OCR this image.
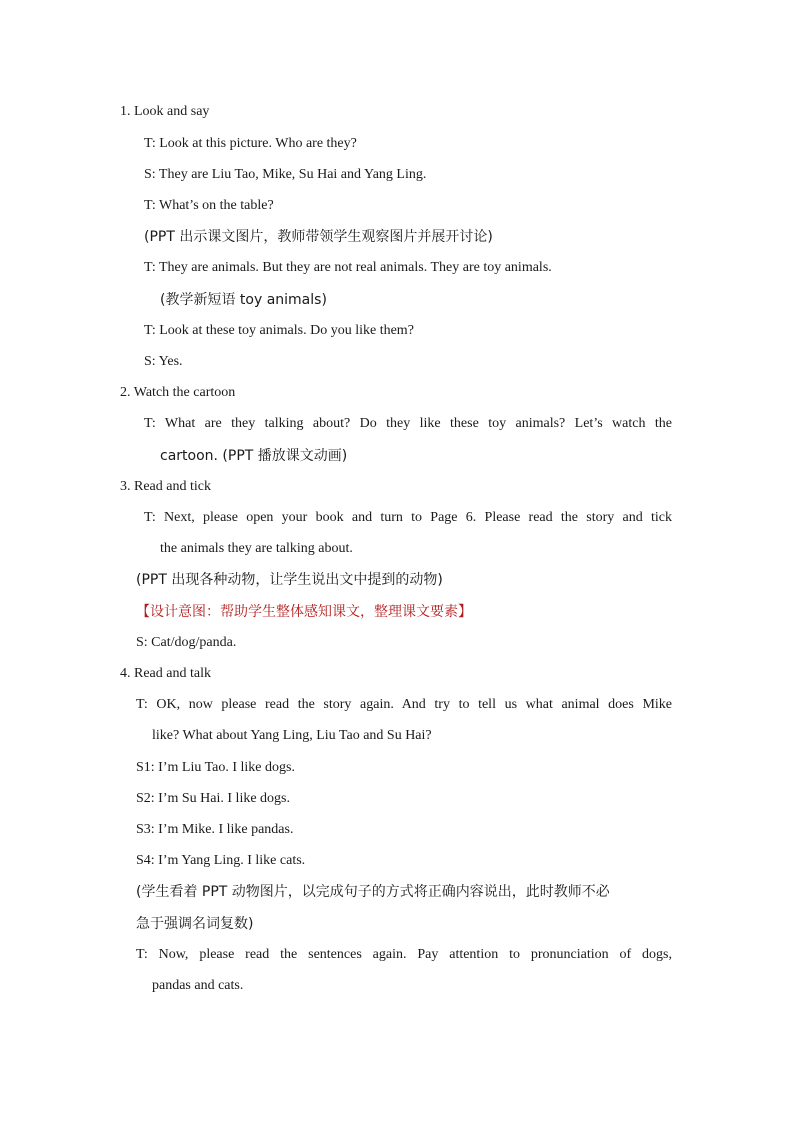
1. Look and say
T: Look at this picture. Who are they?
S: They are Liu Tao, Mike, Su Hai and Yang Ling.
T: What’s on the table?
(PPT 出示课文图片，教师带领学生观察图片并展开讨论)
T: They are animals. But they are not real animals. They are toy animals.
(教学新短语 toy animals)
T: Look at these toy animals. Do you like them?
S: Yes.
2. Watch the cartoon
T: What are they talking about? Do they like these toy animals? Let’s watch the
cartoon. (PPT 播放课文动画)
3. Read and tick
T: Next, please open your book and turn to Page 6. Please read the story and tick
the animals they are talking about.
(PPT 出现各种动物，让学生说出文中提到的动物)
【设计意图：帮助学生整体感知课文，整理课文要素】
S: Cat/dog/panda.
4. Read and talk
T: OK, now please read the story again. And try to tell us what animal does Mike
like? What about Yang Ling, Liu Tao and Su Hai?
S1: I’m Liu Tao. I like dogs.
S2: I’m Su Hai. I like dogs.
S3: I’m Mike. I like pandas.
S4: I’m Yang Ling. I like cats.
(学生看着 PPT 动物图片，以完成句子的方式将正确内容说出，此时教师不必
急于强调名词复数)
T: Now, please read the sentences again. Pay attention to pronunciation of dogs,
pandas and cats.
